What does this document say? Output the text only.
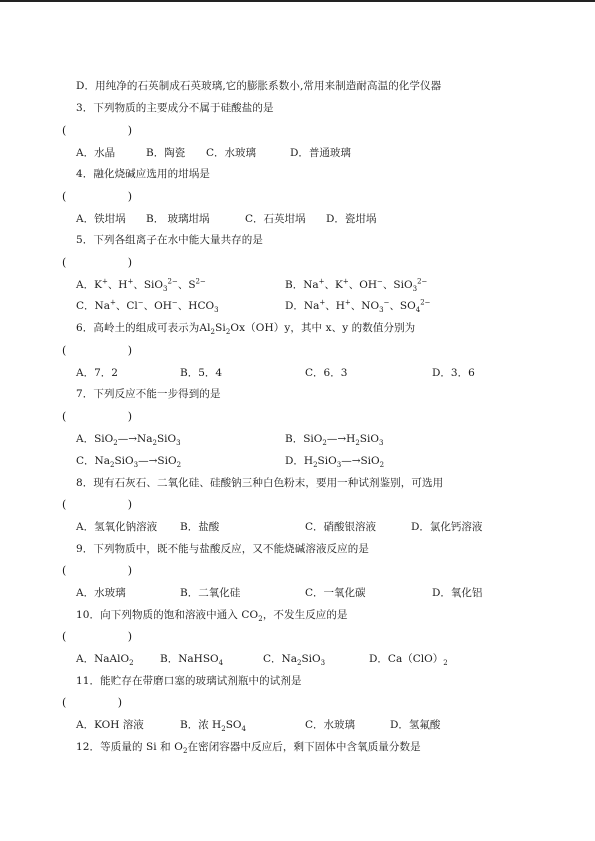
D．用纯净的石英制成石英玻璃,它的膨胀系数小,常用来制造耐高温的化学仪器
3．下列物质的主要成分不属于硅酸盐的是
(	)
A．水晶	B．陶瓷 C．水玻璃	D．普通玻璃
4．融化烧碱应选用的坩埚是
(	)
A．铁坩埚 B． 玻璃坩埚	C．石英坩埚 D．瓷坩埚
5．下列各组离子在水中能大量共存的是
(	)
A．K+、H+、SiO$_3^{2-}$、$S^{2-}$	B．Na+、K+、OH−、SiO$_3^{2-}$
C．Na+、Cl−、OH−、$HCO_3$	D．Na+、H+、$NO_3^-$、$SO_4^{2-}$
6．高岭土的组成可表示为$Al_2Si_2Ox(OH)y$，其中 x、y 的数值分别为
(	)
A．7．2	B．5．4	C．6．3	D．3．6
7．下列反应不能一步得到的是
(	)
A．$SiO_2—\to Na_2SiO_3$	B．$SiO_2—\to H_2SiO_3$
C．$Na_2SiO_3—\to SiO_2$	D．$H_2SiO_3—\to SiO_2$
8．现有石灰石、二氧化硅、硅酸钠三种白色粉末，要用一种试剂鉴别，可选用
(	)
A．氢氧化钠溶液 B．盐酸	C．硝酸银溶液	D．氯化钙溶液
9．下列物质中，既不能与盐酸反应，又不能烧碱溶液反应的是
(	)
A．水玻璃	B．二氧化硅	C．一氧化碳	D．氧化铝
10．向下列物质的饱和溶液中通入 $CO_2$，不发生反应的是
(	)
A．NaAlO$_2$	B．NaHSO$_4$	C．$Na_2SiO_3$	D．$Ca(ClO)_2$
11．能贮存在带磨口塞的玻璃试剂瓶中的试剂是
(	)
A．KOH 溶液	B．浓 $H_2SO_4$	C．水玻璃	D．氢氟酸
12．等质量的 Si 和 $O_2$在密闭容器中反应后，剩下固体中含氧质量分数是
